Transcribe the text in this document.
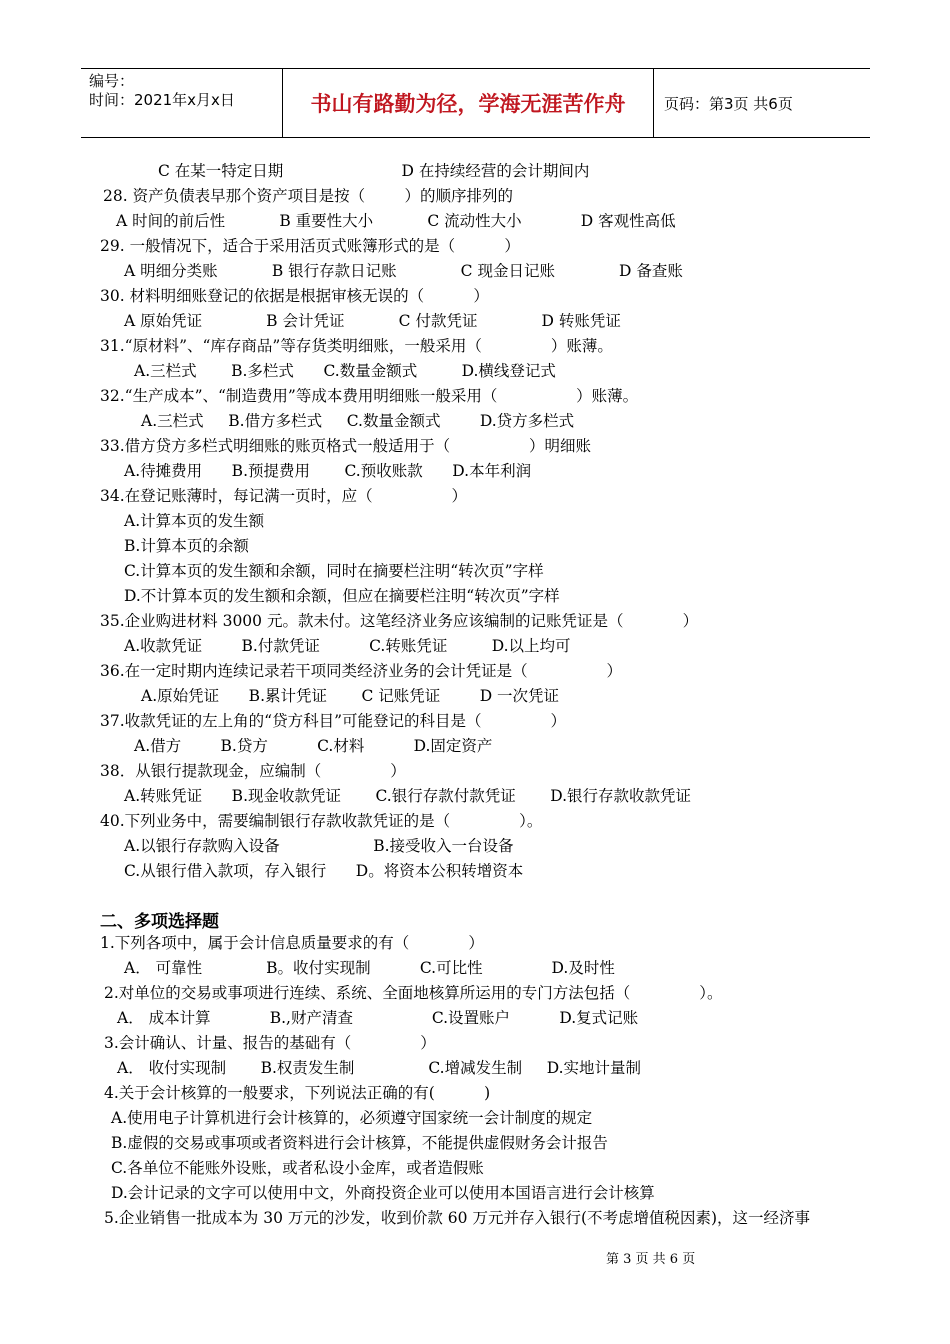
编号：
时间：2021年x月x日	书山有路勤为径，学海无涯苦作舟	页码：第3页 共6页
C 在某一特定日期                        D 在持续经营的会计期间内
28. 资产负债表早那个资产项目是按（        ）的顺序排列的
A 时间的前后性           B 重要性大小           C 流动性大小            D 客观性高低
29. 一般情况下，适合于采用活页式账簿形式的是（          ）
A 明细分类账           B 银行存款日记账             C 现金日记账             D 备查账
30. 材料明细账登记的依据是根据审核无误的（          ）
A 原始凭证             B 会计凭证           C 付款凭证             D 转账凭证
31.“原材料”、“库存商品”等存货类明细账，一般采用（              ）账薄。
A.三栏式       B.多栏式      C.数量金额式         D.横线登记式
32.“生产成本”、“制造费用”等成本费用明细账一般采用（                ）账薄。
A.三栏式     B.借方多栏式     C.数量金额式        D.贷方多栏式
33.借方贷方多栏式明细账的账页格式一般适用于（                ）明细账
A.待摊费用      B.预提费用       C.预收账款      D.本年利润
34.在登记账薄时，每记满一页时，应（                ）
A.计算本页的发生额
B.计算本页的余额
C.计算本页的发生额和余额，同时在摘要栏注明“转次页”字样
D.不计算本页的发生额和余额，但应在摘要栏注明“转次页”字样
35.企业购进材料 3000 元。款未付。这笔经济业务应该编制的记账凭证是（            ）
A.收款凭证        B.付款凭证          C.转账凭证         D.以上均可
36.在一定时期内连续记录若干项同类经济业务的会计凭证是（                ）
A.原始凭证      B.累计凭证       C 记账凭证        D 一次凭证
37.收款凭证的左上角的“贷方科目”可能登记的科目是（              ）
A.借方        B.贷方          C.材料          D.固定资产
38．从银行提款现金，应编制（              ）
A.转账凭证      B.现金收款凭证       C.银行存款付款凭证       D.银行存款收款凭证
40.下列业务中，需要编制银行存款收款凭证的是（              ）。
A.以银行存款购入设备                   B.接受收入一台设备
C.从银行借入款项，存入银行      D。将资本公积转增资本
1.下列各项中，属于会计信息质量要求的有（            ）
A． 可靠性             B。收付实现制          C.可比性              D.及时性
2.对单位的交易或事项进行连续、系统、全面地核算所运用的专门方法包括（              ）。
A． 成本计算            B.,财产清查                C.设置账户          D.复式记账
3.会计确认、计量、报告的基础有（              ）
A． 收付实现制       B.权责发生制               C.增减发生制     D.实地计量制
4.关于会计核算的一般要求，下列说法正确的有(          )
A.使用电子计算机进行会计核算的，必须遵守国家统一会计制度的规定
B.虚假的交易或事项或者资料进行会计核算，不能提供虚假财务会计报告
C.各单位不能账外设账，或者私设小金库，或者造假账
D.会计记录的文字可以使用中文，外商投资企业可以使用本国语言进行会计核算
5.企业销售一批成本为 30 万元的沙发，收到价款 60 万元并存入银行(不考虑增值税因素)，这一经济事
二、多项选择题
第 3 页 共 6 页
